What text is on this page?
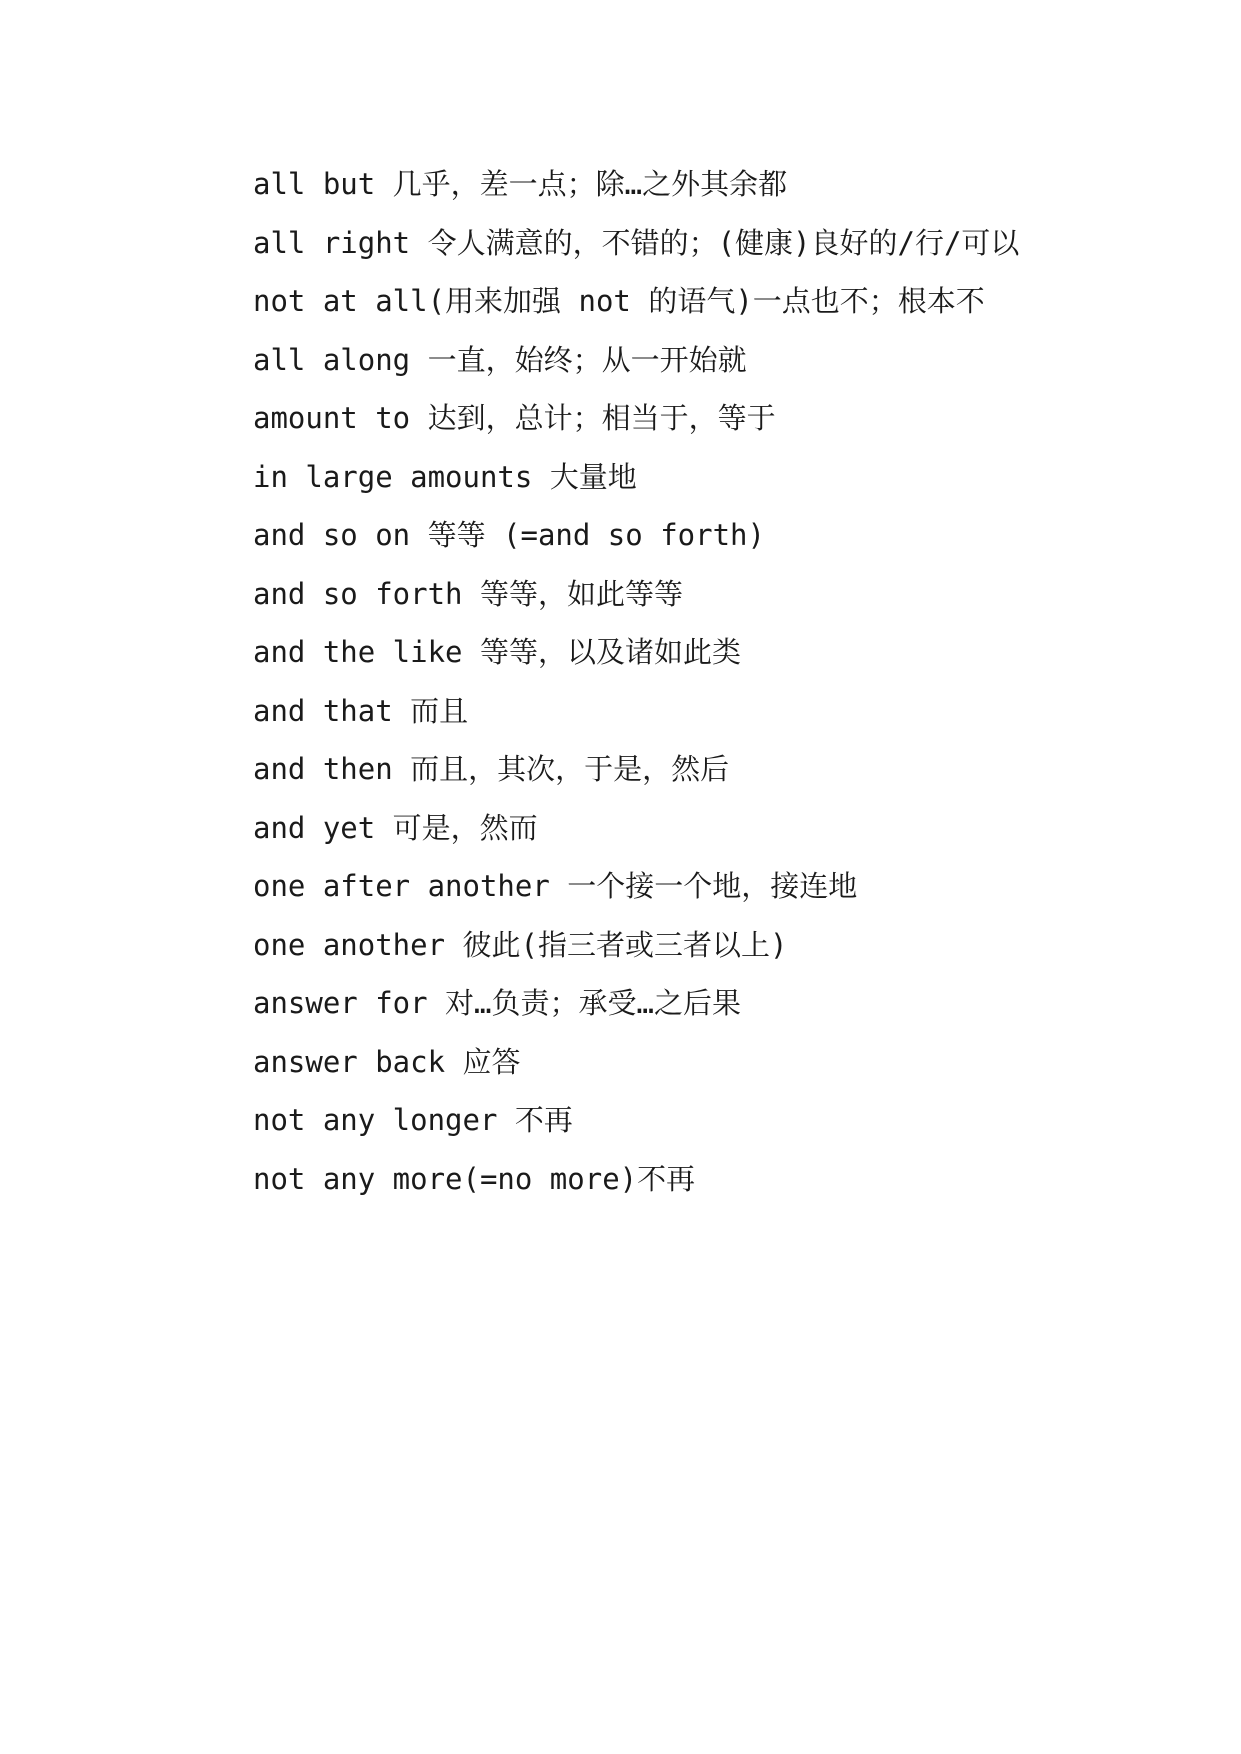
all but 几乎，差一点；除…之外其余都

all right 令人满意的，不错的；(健康)良好的/行/可以

not at all(用来加强 not 的语气)一点也不；根本不

all along 一直，始终；从一开始就

amount to 达到，总计；相当于，等于

in large amounts 大量地

and so on 等等 (=and so forth)

and so forth 等等，如此等等

and the like 等等，以及诸如此类

and that 而且

and then 而且，其次，于是，然后

and yet 可是，然而

one after another 一个接一个地，接连地

one another 彼此(指三者或三者以上)

answer for 对…负责；承受…之后果

answer back 应答

not any longer 不再

not any more(=no more)不再
